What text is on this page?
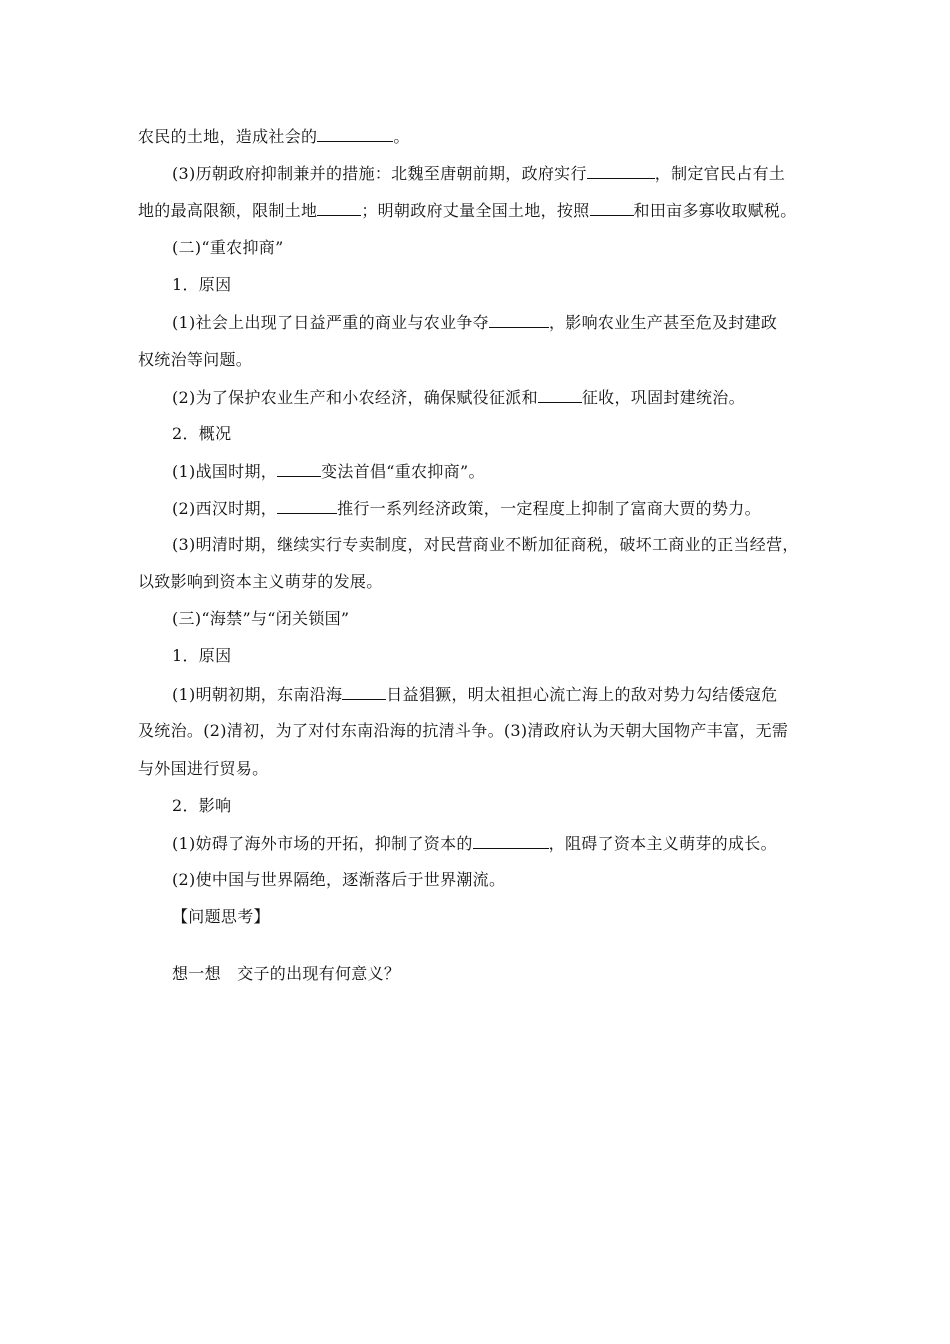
农民的土地，造成社会的	。
(3)历朝政府抑制兼并的措施：北魏至唐朝前期，政府实行	，制定官民占有土
地的最高限额，限制土地	；明朝政府丈量全国土地，按照	和田亩多寡收取赋税。
(二)“重农抑商”
1．原因
(1)社会上出现了日益严重的商业与农业争夺	，影响农业生产甚至危及封建政
权统治等问题。
(2)为了保护农业生产和小农经济，确保赋役征派和	征收，巩固封建统治。
2．概况
(1)战国时期，	变法首倡“重农抑商”。
(2)西汉时期，	推行一系列经济政策，一定程度上抑制了富商大贾的势力。
(3)明清时期，继续实行专卖制度，对民营商业不断加征商税，破坏工商业的正当经营，
以致影响到资本主义萌芽的发展。
(三)“海禁”与“闭关锁国”
1．原因
(1)明朝初期，东南沿海	日益猖獗，明太祖担心流亡海上的敌对势力勾结倭寇危
及统治。(2)清初，为了对付东南沿海的抗清斗争。(3)清政府认为天朝大国物产丰富，无需
与外国进行贸易。
2．影响
(1)妨碍了海外市场的开拓，抑制了资本的	，阻碍了资本主义萌芽的成长。
(2)使中国与世界隔绝，逐渐落后于世界潮流。
【问题思考】
想一想　交子的出现有何意义？
